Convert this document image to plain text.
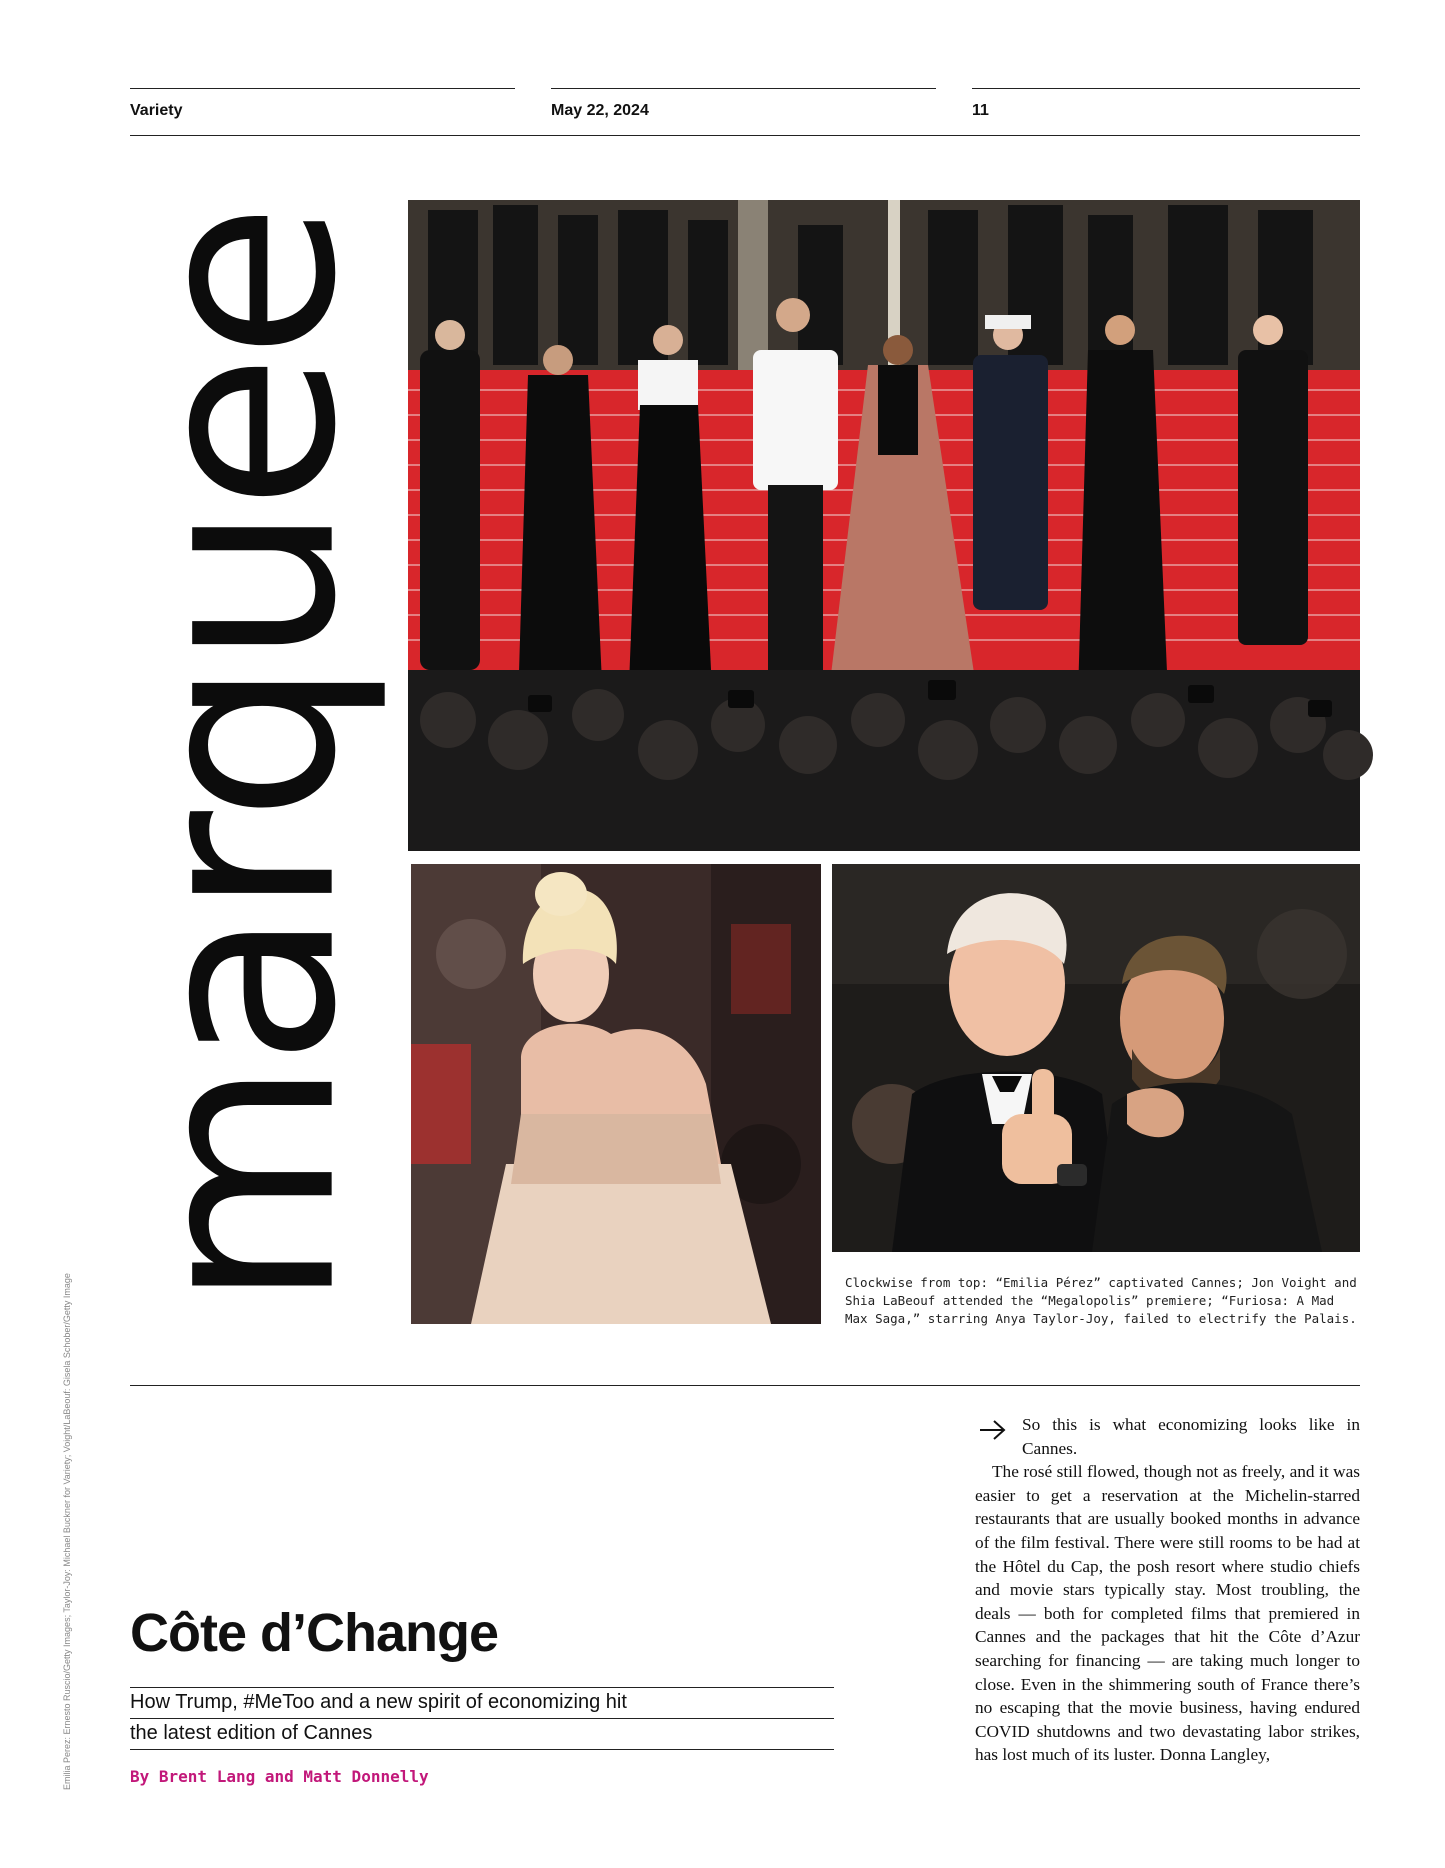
Variety	May 22, 2024	11
marquee
Emilia Perez: Ernesto Ruscio/Getty Images; Taylor-Joy: Michael Buckner for Variety; Voight/LaBeouf: Gisela Schober/Getty Image	Clockwise from top: “Emilia Pérez” captivated Cannes; Jon Voight and Shia LaBeouf attended the “Megalopolis” premiere; “Furiosa: A Mad Max Saga,” starring Anya Taylor-Joy, failed to electrify the Palais.
Côte d’Change
How Trump, #MeToo and a new spirit of economizing hit
the latest edition of Cannes
By Brent Lang and Matt Donnelly

So this is what economizing looks like in Cannes.

The rosé still flowed, though not as freely, and it was easier to get a reservation at the Michelin-starred restaurants that are usually booked months in advance of the film festival. There were still rooms to be had at the Hôtel du Cap, the posh resort where studio chiefs and movie stars typically stay. Most troubling, the deals — both for completed films that premiered in Cannes and the packages that hit the Côte d’Azur searching for financing — are taking much longer to close. Even in the shimmering south of France there’s no escaping that the movie business, having endured COVID shutdowns and two devastating labor strikes, has lost much of its luster. Donna Langley,
